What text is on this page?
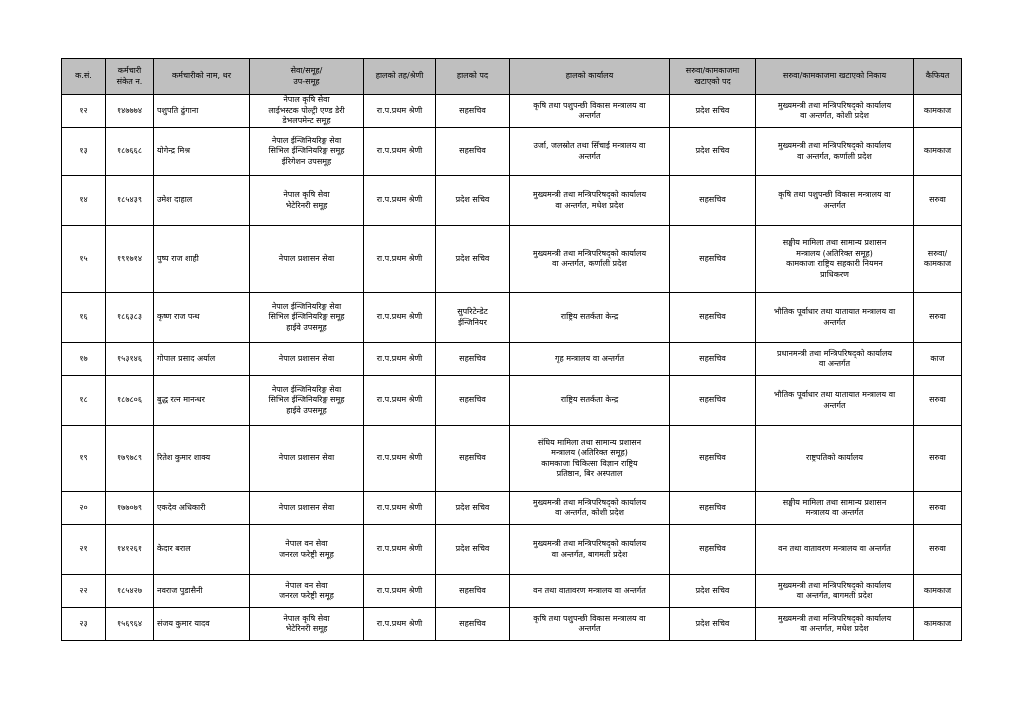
क.सं.	कर्मचारी
संकेत न.	कर्मचारीको नाम, थर	सेवा/समूह/
उप-समूह	हालको तह/श्रेणी	हालको पद	हालको कार्यालय	सरुवा/कामकाजमा
खटाएको पद	सरुवा/कामकाजमा खटाएको निकाय	कैफियत
१२	१४७७७४	पशुपति ढुंगाना	नेपाल कृषि सेवा
लाईभस्टक पोल्ट्री एण्ड डेरी
डेभलपमेन्ट समूह	रा.प.प्रथम श्रेणी	सहसचिव	कृषि तथा पशुपन्छी विकास मन्त्रालय वा
अन्तर्गत	प्रदेश सचिव	मुख्यमन्त्री तथा मन्त्रिपरिषद्को कार्यालय
वा अन्तर्गत, कोशी प्रदेश	कामकाज
१३	१८७६६८	योगेन्द्र मिश्र	नेपाल ईन्जिनियरिङ्ग सेवा
सिभिल ईन्जिनियरिङ्ग समूह
ईरिगेशन उपसमूह	रा.प.प्रथम श्रेणी	सहसचिव	उर्जा, जलस्रोत तथा सिँचाई मन्त्रालय वा
अन्तर्गत	प्रदेश सचिव	मुख्यमन्त्री तथा मन्त्रिपरिषद्को कार्यालय
वा अन्तर्गत, कर्णाली प्रदेश	कामकाज
१४	१८५४३९	उमेश दाहाल	नेपाल कृषि सेवा
भेटेरिनरी समूह	रा.प.प्रथम श्रेणी	प्रदेश सचिव	मुख्यमन्त्री तथा मन्त्रिपरिषद्को कार्यालय
वा अन्तर्गत, मधेश प्रदेश	सहसचिव	कृषि तथा पशुपन्छी विकास मन्त्रालय वा
अन्तर्गत	सरुवा
१५	१९१७१४	पुष्प राज शाही	नेपाल प्रशासन सेवा	रा.प.प्रथम श्रेणी	प्रदेश सचिव	मुख्यमन्त्री तथा मन्त्रिपरिषद्को कार्यालय
वा अन्तर्गत, कर्णाली प्रदेश	सहसचिव	सङ्घीय मामिला तथा सामान्य प्रशासन
मन्त्रालय (अतिरिक्त समूह)
कामकाजः राष्ट्रिय सहकारी नियमन
प्राधिकरण	सरुवा/
कामकाज
१६	१८६३८३	कृष्ण राज पन्थ	नेपाल ईन्जिनियरिङ्ग सेवा
सिभिल ईन्जिनियरिङ्ग समूह
हाईवे उपसमूह	रा.प.प्रथम श्रेणी	सुपरिटेन्डेट
ईन्जिनियर	राष्ट्रिय सतर्कता केन्द्र	सहसचिव	भौतिक पूर्वाधार तथा यातायात मन्त्रालय वा
अन्तर्गत	सरुवा
१७	१५३१४६	गोपाल प्रसाद अर्याल	नेपाल प्रशासन सेवा	रा.प.प्रथम श्रेणी	सहसचिव	गृह मन्त्रालय वा अन्तर्गत	सहसचिव	प्रधानमन्त्री तथा मन्त्रिपरिषद्को कार्यालय
वा अन्तर्गत	काज
१८	१८७८०६	बुद्ध रत्न मानन्धर	नेपाल ईन्जिनियरिङ्ग सेवा
सिभिल ईन्जिनियरिङ्ग समूह
हाईवे उपसमूह	रा.प.प्रथम श्रेणी	सहसचिव	राष्ट्रिय सतर्कता केन्द्र	सहसचिव	भौतिक पूर्वाधार तथा यातायात मन्त्रालय वा
अन्तर्गत	सरुवा
१९	१७९७८९	रितेश कुमार शाक्य	नेपाल प्रशासन सेवा	रा.प.प्रथम श्रेणी	सहसचिव	संघिय मामिला तथा सामान्य प्रशासन
मन्त्रालय (अतिरिक्त समूह)
कामकाजः चिकित्सा विज्ञान राष्ट्रिय
प्रतिष्ठान, बिर अस्पताल	सहसचिव	राष्ट्रपतिको कार्यालय	सरुवा
२०	१७७०७९	एकदेव अधिकारी	नेपाल प्रशासन सेवा	रा.प.प्रथम श्रेणी	प्रदेश सचिव	मुख्यमन्त्री तथा मन्त्रिपरिषद्को कार्यालय
वा अन्तर्गत, कोशी प्रदेश	सहसचिव	सङ्घीय मामिला तथा सामान्य प्रशासन
मन्त्रालय वा अन्तर्गत	सरुवा
२१	१४१२६१	केदार बराल	नेपाल वन सेवा
जनरल फरेष्ट्री समूह	रा.प.प्रथम श्रेणी	प्रदेश सचिव	मुख्यमन्त्री तथा मन्त्रिपरिषद्को कार्यालय
वा अन्तर्गत, बागमती प्रदेश	सहसचिव	वन तथा वातावरण मन्त्रालय वा अन्तर्गत	सरुवा
२२	१८५४२७	नवराज पुडासैनी	नेपाल वन सेवा
जनरल फरेष्ट्री समूह	रा.प.प्रथम श्रेणी	सहसचिव	वन तथा वातावरण मन्त्रालय वा अन्तर्गत	प्रदेश सचिव	मुख्यमन्त्री तथा मन्त्रिपरिषद्को कार्यालय
वा अन्तर्गत, बागमती प्रदेश	कामकाज
२३	१५६९६४	संजय कुमार यादव	नेपाल कृषि सेवा
भेटेरिनरी समूह	रा.प.प्रथम श्रेणी	सहसचिव	कृषि तथा पशुपन्छी विकास मन्त्रालय वा
अन्तर्गत	प्रदेश सचिव	मुख्यमन्त्री तथा मन्त्रिपरिषद्को कार्यालय
वा अन्तर्गत, मधेश प्रदेश	कामकाज
